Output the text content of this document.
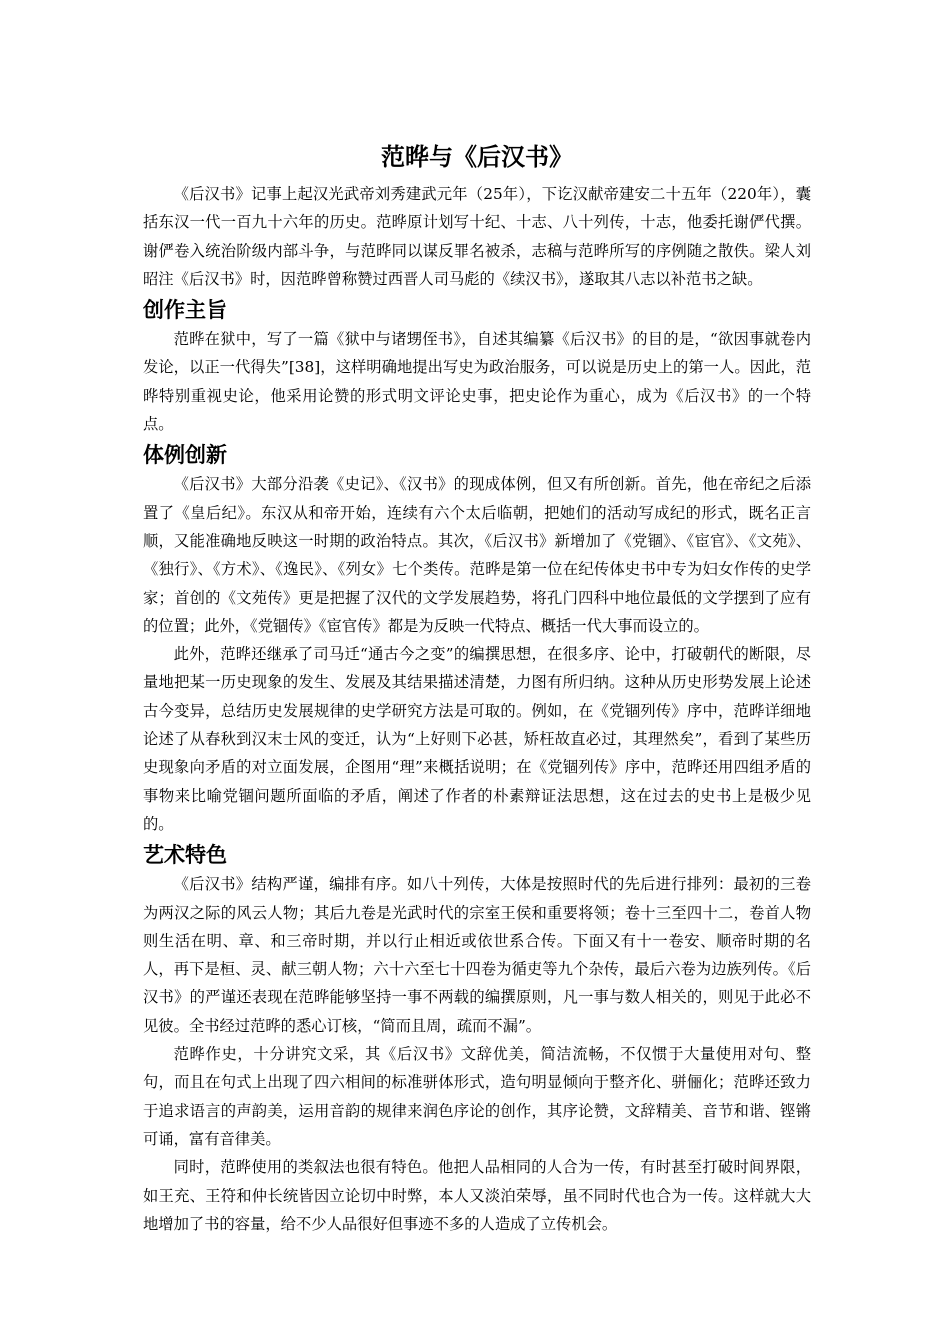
范晔与《后汉书》

《后汉书》记事上起汉光武帝刘秀建武元年（25年），下讫汉献帝建安二十五年（220年），囊括东汉一代一百九十六年的历史。范晔原计划写十纪、十志、八十列传，十志，他委托谢俨代撰。谢俨卷入统治阶级内部斗争，与范晔同以谋反罪名被杀，志稿与范晔所写的序例随之散佚。梁人刘昭注《后汉书》时，因范晔曾称赞过西晋人司马彪的《续汉书》，遂取其八志以补范书之缺。

创作主旨

范晔在狱中，写了一篇《狱中与诸甥侄书》，自述其编纂《后汉书》的目的是，“欲因事就卷内发论，以正一代得失”[38]，这样明确地提出写史为政治服务，可以说是历史上的第一人。因此，范晔特别重视史论，他采用论赞的形式明文评论史事，把史论作为重心，成为《后汉书》的一个特点。

体例创新

《后汉书》大部分沿袭《史记》、《汉书》的现成体例，但又有所创新。首先，他在帝纪之后添置了《皇后纪》。东汉从和帝开始，连续有六个太后临朝，把她们的活动写成纪的形式，既名正言顺，又能准确地反映这一时期的政治特点。其次，《后汉书》新增加了《党锢》、《宦官》、《文苑》、《独行》、《方术》、《逸民》、《列女》七个类传。范晔是第一位在纪传体史书中专为妇女作传的史学家；首创的《文苑传》更是把握了汉代的文学发展趋势，将孔门四科中地位最低的文学摆到了应有的位置；此外，《党锢传》《宦官传》都是为反映一代特点、概括一代大事而设立的。

此外，范晔还继承了司马迁“通古今之变”的编撰思想，在很多序、论中，打破朝代的断限，尽量地把某一历史现象的发生、发展及其结果描述清楚，力图有所归纳。这种从历史形势发展上论述古今变异，总结历史发展规律的史学研究方法是可取的。例如，在《党锢列传》序中，范晔详细地论述了从春秋到汉末士风的变迁，认为“上好则下必甚，矫枉故直必过，其理然矣”，看到了某些历史现象向矛盾的对立面发展，企图用“理”来概括说明；在《党锢列传》序中，范晔还用四组矛盾的事物来比喻党锢问题所面临的矛盾，阐述了作者的朴素辩证法思想，这在过去的史书上是极少见的。

艺术特色

《后汉书》结构严谨，编排有序。如八十列传，大体是按照时代的先后进行排列：最初的三卷为两汉之际的风云人物；其后九卷是光武时代的宗室王侯和重要将领；卷十三至四十二，卷首人物则生活在明、章、和三帝时期，并以行止相近或依世系合传。下面又有十一卷安、顺帝时期的名人，再下是桓、灵、献三朝人物；六十六至七十四卷为循吏等九个杂传，最后六卷为边族列传。《后汉书》的严谨还表现在范晔能够坚持一事不两载的编撰原则，凡一事与数人相关的，则见于此必不见彼。全书经过范晔的悉心订核，“简而且周，疏而不漏”。

范晔作史，十分讲究文采，其《后汉书》文辞优美，简洁流畅，不仅惯于大量使用对句、整句，而且在句式上出现了四六相间的标准骈体形式，造句明显倾向于整齐化、骈俪化；范晔还致力于追求语言的声韵美，运用音韵的规律来润色序论的创作，其序论赞，文辞精美、音节和谐、铿锵可诵，富有音律美。

同时，范晔使用的类叙法也很有特色。他把人品相同的人合为一传，有时甚至打破时间界限，如王充、王符和仲长统皆因立论切中时弊，本人又淡泊荣辱，虽不同时代也合为一传。这样就大大地增加了书的容量，给不少人品很好但事迹不多的人造成了立传机会。
